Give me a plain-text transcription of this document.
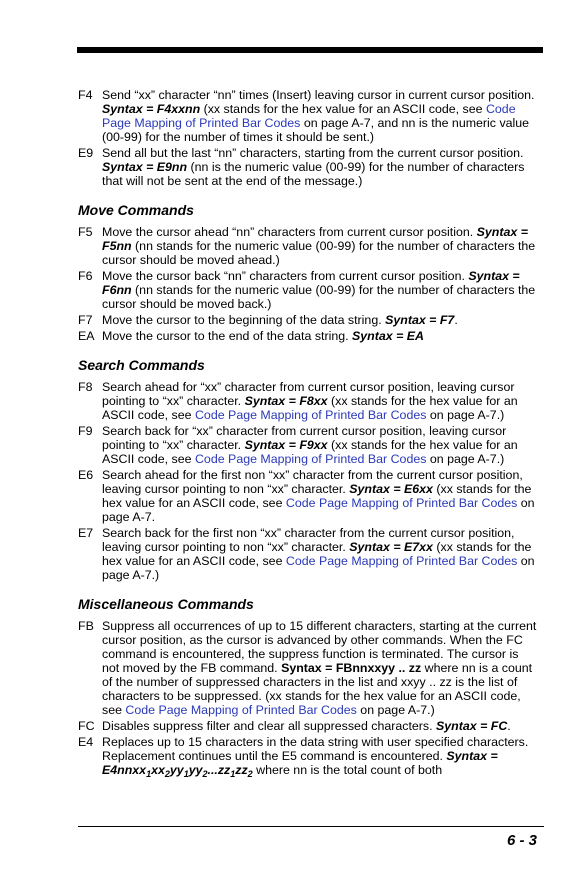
F4 Send “xx” character “nn” times (Insert) leaving cursor in current cursor position. Syntax = F4xxnn (xx stands for the hex value for an ASCII code, see Code Page Mapping of Printed Bar Codes on page A-7, and nn is the numeric value (00-99) for the number of times it should be sent.)

E9 Send all but the last “nn” characters, starting from the current cursor position. Syntax = E9nn (nn is the numeric value (00-99) for the number of characters that will not be sent at the end of the message.)

Move Commands

F5 Move the cursor ahead “nn” characters from current cursor position. Syntax = F5nn (nn stands for the numeric value (00-99) for the number of characters the cursor should be moved ahead.)

F6 Move the cursor back “nn” characters from current cursor position. Syntax = F6nn (nn stands for the numeric value (00-99) for the number of characters the cursor should be moved back.)

F7 Move the cursor to the beginning of the data string. Syntax = F7.

EA Move the cursor to the end of the data string. Syntax = EA

Search Commands

F8 Search ahead for “xx” character from current cursor position, leaving cursor pointing to “xx” character. Syntax = F8xx (xx stands for the hex value for an ASCII code, see Code Page Mapping of Printed Bar Codes on page A-7.)

F9 Search back for “xx” character from current cursor position, leaving cursor pointing to “xx” character. Syntax = F9xx (xx stands for the hex value for an ASCII code, see Code Page Mapping of Printed Bar Codes on page A-7.)

E6 Search ahead for the first non “xx” character from the current cursor position, leaving cursor pointing to non “xx” character. Syntax = E6xx (xx stands for the hex value for an ASCII code, see Code Page Mapping of Printed Bar Codes on page A-7.

E7 Search back for the first non “xx” character from the current cursor position, leaving cursor pointing to non “xx” character. Syntax = E7xx (xx stands for the hex value for an ASCII code, see Code Page Mapping of Printed Bar Codes on page A-7.)

Miscellaneous Commands

FB Suppress all occurrences of up to 15 different characters, starting at the current cursor position, as the cursor is advanced by other commands. When the FC command is encountered, the suppress function is terminated. The cursor is not moved by the FB command. Syntax = FBnnxxyy .. zz where nn is a count of the number of suppressed characters in the list and xxyy .. zz is the list of characters to be suppressed. (xx stands for the hex value for an ASCII code, see Code Page Mapping of Printed Bar Codes on page A-7.)

FC Disables suppress filter and clear all suppressed characters. Syntax = FC.

E4 Replaces up to 15 characters in the data string with user specified characters. Replacement continues until the E5 command is encountered. Syntax = $E4nnxx_1xx_2yy_1yy_2...zz_1zz_2$ where nn is the total count of both

6 - 3
